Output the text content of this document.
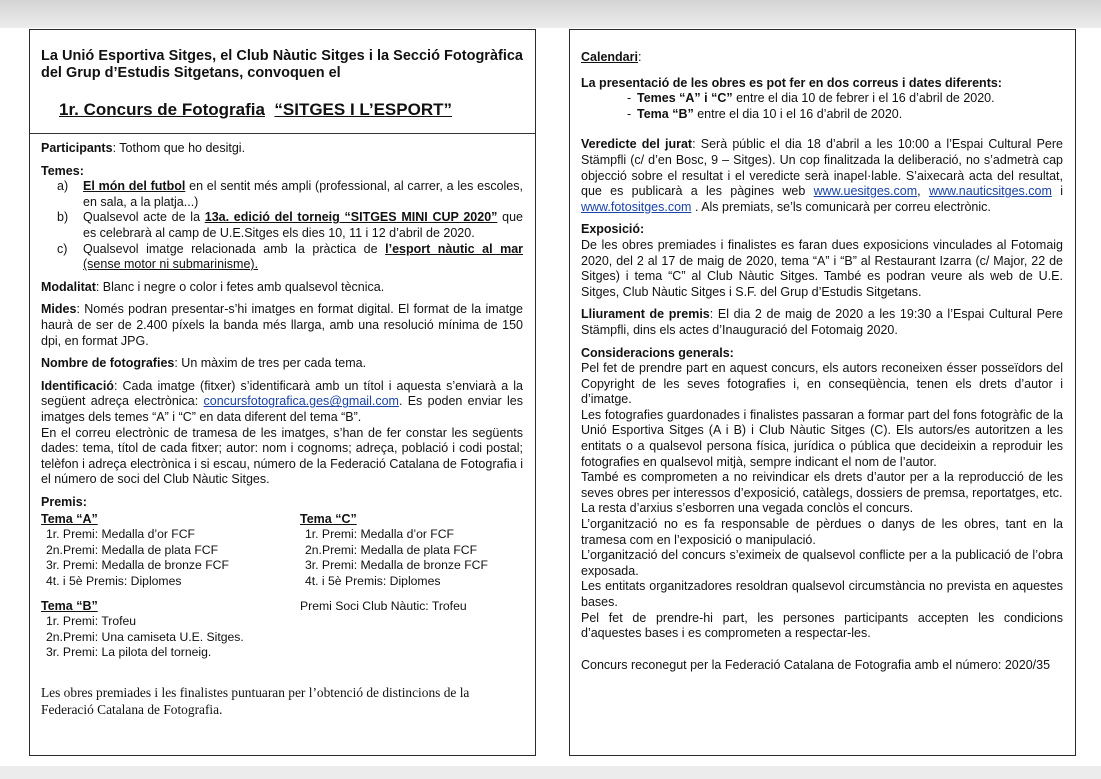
La Unió Esportiva Sitges, el Club Nàutic Sitges i la Secció Fotogràfica del Grup d’Estudis Sitgetans, convoquen el

1r. Concurs de Fotografia “SITGES I L’ESPORT”

Participants: Tothom que ho desitgi.

Temes:

a) El món del futbol en el sentit més ampli (professional, al carrer, a les escoles, en sala, a la platja...)
b) Qualsevol acte de la 13a. edició del torneig “SITGES MINI CUP 2020” que es celebrarà al camp de U.E.Sitges els dies 10, 11 i 12 d’abril de 2020.
c) Qualsevol imatge relacionada amb la pràctica de l’esport nàutic al mar (sense motor ni submarinisme).

Modalitat: Blanc i negre o color i fetes amb qualsevol tècnica.

Mides: Només podran presentar-s’hi imatges en format digital. El format de la imatge haurà de ser de 2.400 píxels la banda més llarga, amb una resolució mínima de 150 dpi, en format JPG.

Nombre de fotografies: Un màxim de tres per cada tema.

Identificació: Cada imatge (fitxer) s’identificarà amb un títol i aquesta s’enviarà a la següent adreça electrònica: concursfotografica.ges@gmail.com. Es poden enviar les imatges dels temes “A” i “C” en data diferent del tema “B”.

En el correu electrònic de tramesa de les imatges, s’han de fer constar les següents dades: tema, títol de cada fitxer; autor: nom i cognoms; adreça, població i codi postal; telèfon i adreça electrònica i si escau, número de la Federació Catalana de Fotografia i el número de soci del Club Nàutic Sitges.

Premis:

Tema “A”
1r. Premi: Medalla d’or FCF
2n.Premi: Medalla de plata FCF
3r. Premi: Medalla de bronze FCF
4t. i 5è Premis: Diplomes
Tema “B”
1r. Premi: Trofeu
2n.Premi: Una camiseta U.E. Sitges.
3r. Premi: La pilota del torneig.
Tema “C”
1r. Premi: Medalla d’or FCF
2n.Premi: Medalla de plata FCF
3r. Premi: Medalla de bronze FCF
4t. i 5è Premis: Diplomes
Premi Soci Club Nàutic: Trofeu

Les obres premiades i les finalistes puntuaran per l’obtenció de distincions de la Federació Catalana de Fotografia.

Calendari:

La presentació de les obres es pot fer en dos correus i dates diferents:

- Temes “A” i “C” entre el dia 10 de febrer i el 16 d’abril de 2020.
- Tema “B” entre el dia 10 i el 16 d’abril de 2020.

Veredicte del jurat: Serà públic el dia 18 d’abril a les 10:00 a l’Espai Cultural Pere Stämpfli (c/ d’en Bosc, 9 – Sitges). Un cop finalitzada la deliberació, no s’admetrà cap objecció sobre el resultat i el veredicte serà inapel·lable. S’aixecarà acta del resultat, que es publicarà a les pàgines web www.uesitges.com, www.nauticsitges.com i www.fotositges.com . Als premiats, se’ls comunicarà per correu electrònic.

Exposició:

De les obres premiades i finalistes es faran dues exposicions vinculades al Fotomaig 2020, del 2 al 17 de maig de 2020, tema “A” i “B” al Restaurant Izarra (c/ Major, 22 de Sitges) i tema “C” al Club Nàutic Sitges. També es podran veure als web de U.E. Sitges, Club Nàutic Sitges i S.F. del Grup d’Estudis Sitgetans.

Lliurament de premis: El dia 2 de maig de 2020 a les 19:30 a l’Espai Cultural Pere Stämpfli, dins els actes d’Inauguració del Fotomaig 2020.

Consideracions generals:

Pel fet de prendre part en aquest concurs, els autors reconeixen ésser posseïdors del Copyright de les seves fotografies i, en conseqüència, tenen els drets d’autor i d’imatge.

Les fotografies guardonades i finalistes passaran a formar part del fons fotogràfic de la Unió Esportiva Sitges (A i B) i Club Nàutic Sitges (C). Els autors/es autoritzen a les entitats o a qualsevol persona física, jurídica o pública que decideixin a reproduir les fotografies en qualsevol mitjà, sempre indicant el nom de l’autor.

També es comprometen a no reivindicar els drets d’autor per a la reproducció de les seves obres per interessos d’exposició, catàlegs, dossiers de premsa, reportatges, etc.

La resta d’arxius s’esborren una vegada conclòs el concurs.

L’organització no es fa responsable de pèrdues o danys de les obres, tant en la tramesa com en l’exposició o manipulació.

L’organització del concurs s’eximeix de qualsevol conflicte per a la publicació de l’obra exposada.

Les entitats organitzadores resoldran qualsevol circumstància no prevista en aquestes bases.

Pel fet de prendre-hi part, les persones participants accepten les condicions d’aquestes bases i es comprometen a respectar-les.

Concurs reconegut per la Federació Catalana de Fotografia amb el número: 2020/35
